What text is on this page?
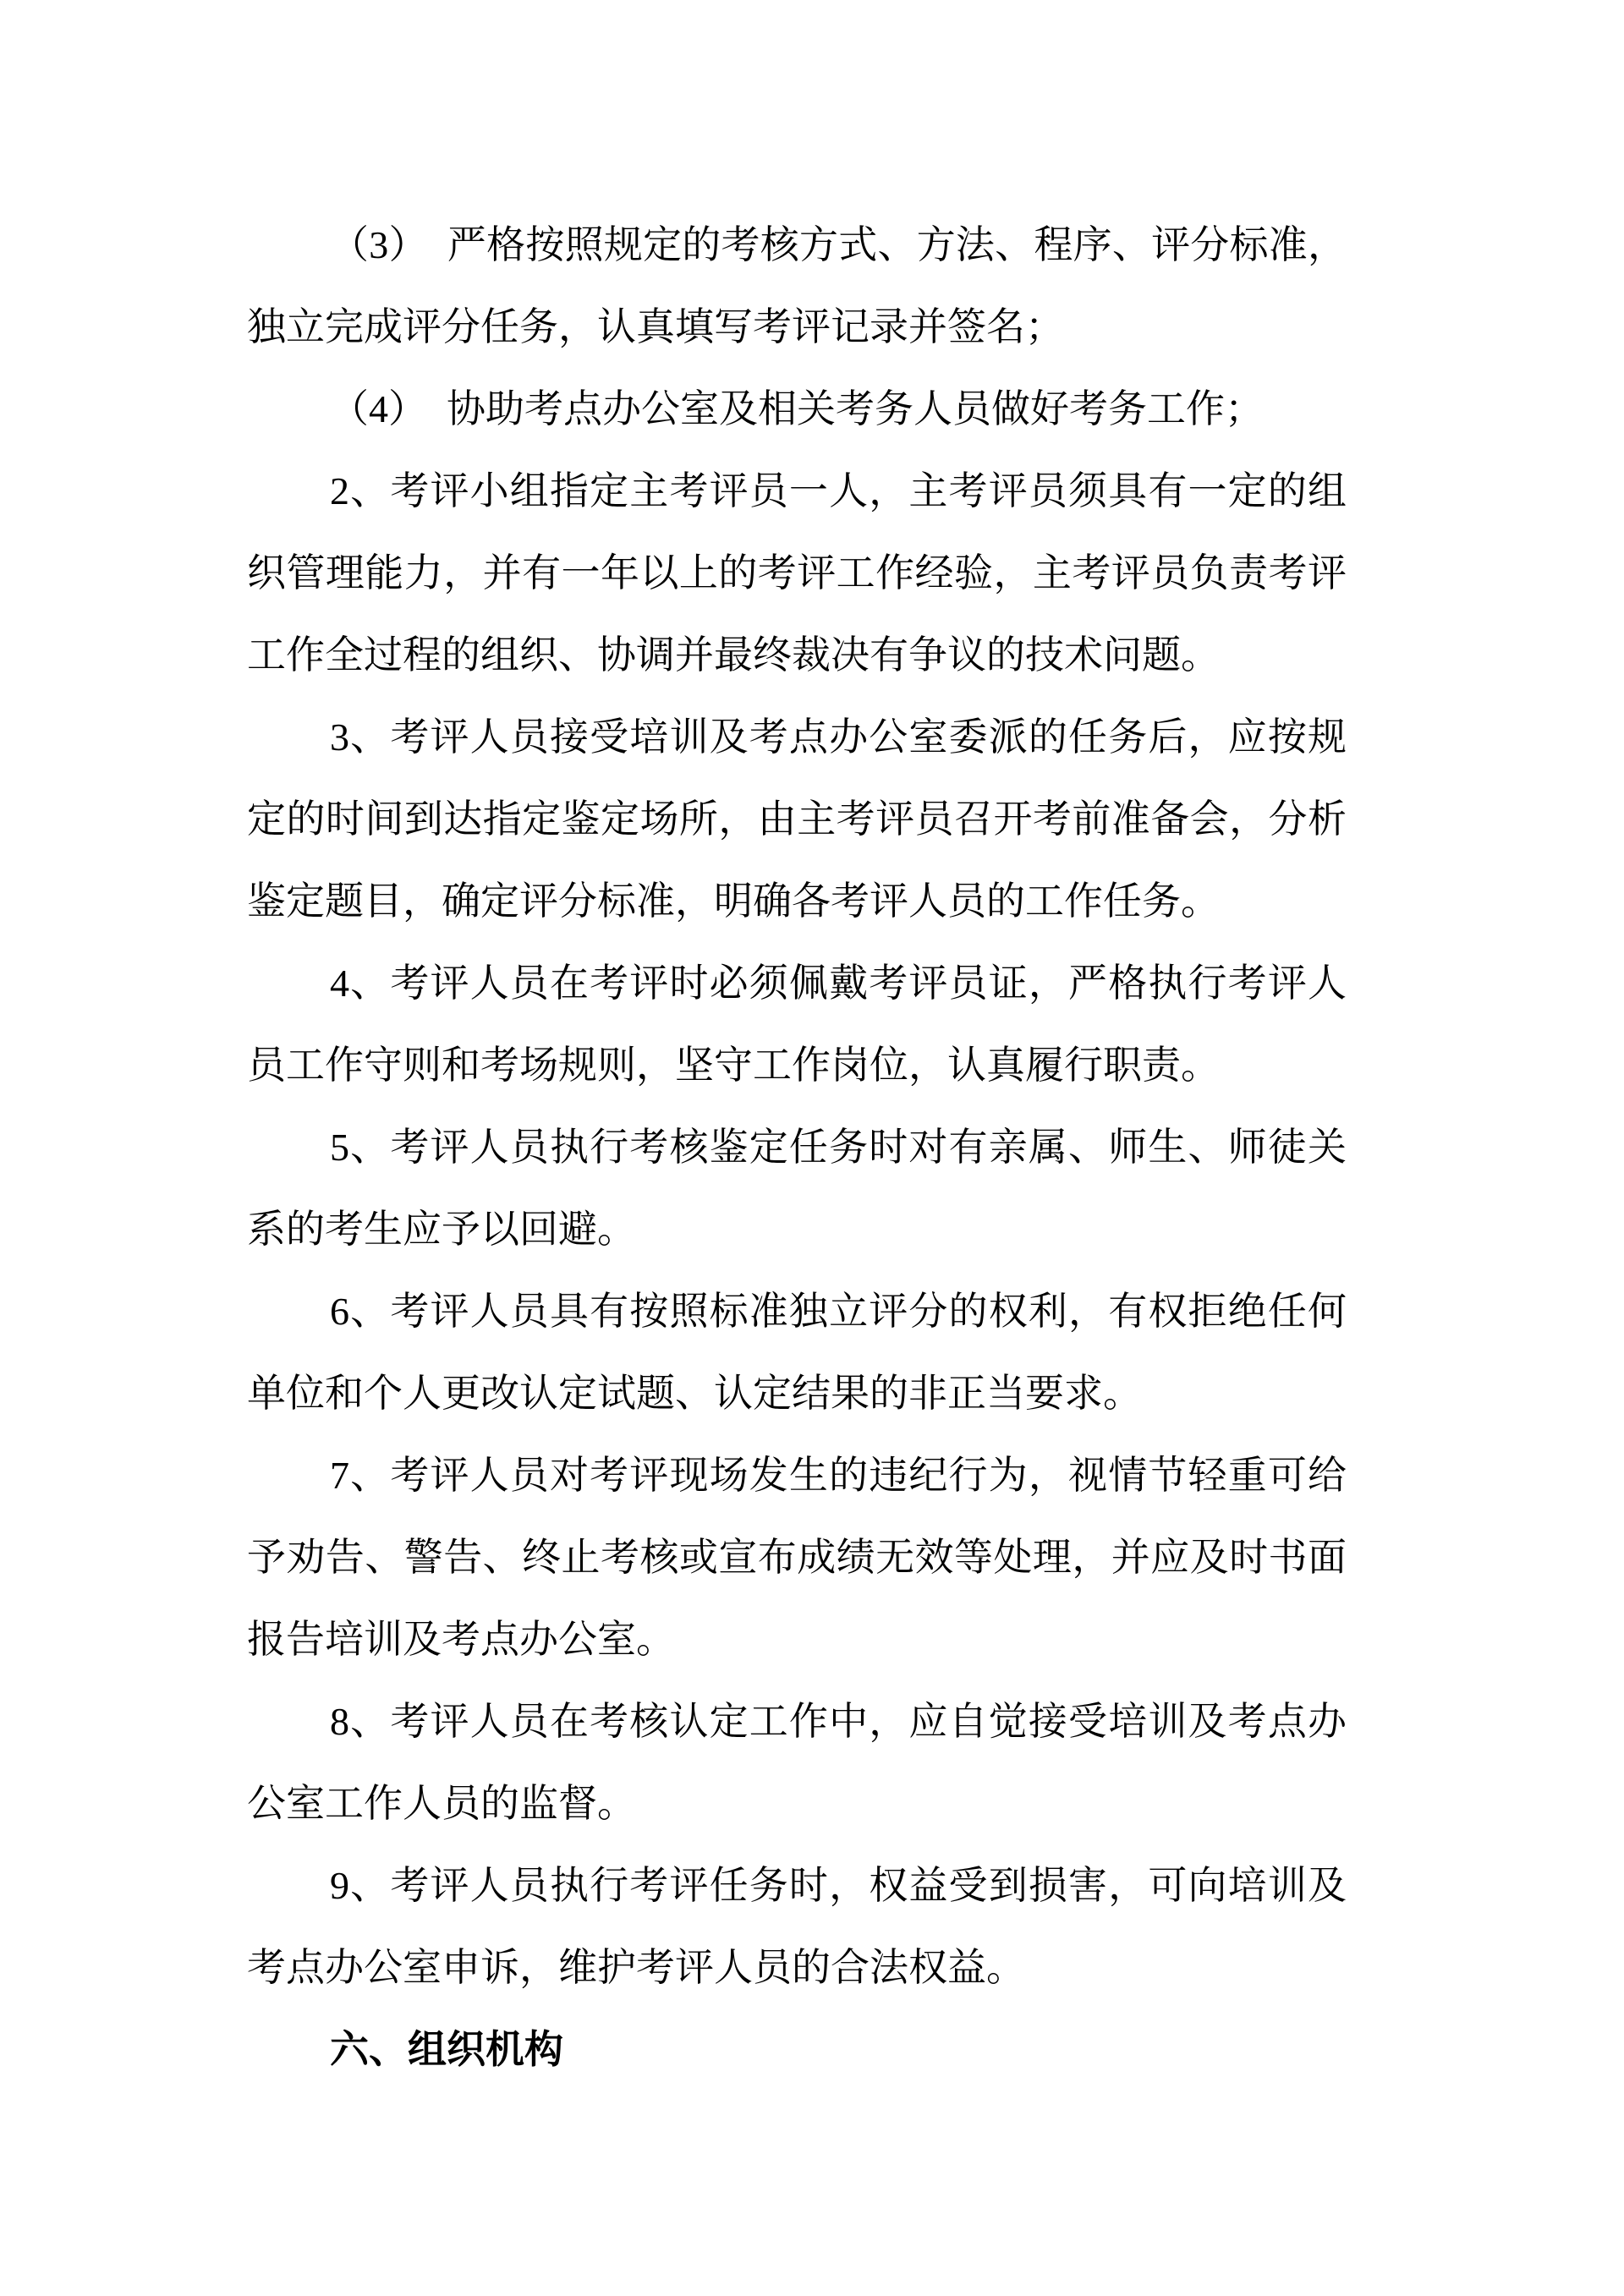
（3） 严格按照规定的考核方式、方法、程序、评分标准，
独立完成评分任务，认真填写考评记录并签名；
（4） 协助考点办公室及相关考务人员做好考务工作；
2、考评小组指定主考评员一人，主考评员须具有一定的组
织管理能力，并有一年以上的考评工作经验，主考评员负责考评
工作全过程的组织、协调并最终裁决有争议的技术问题。
3、考评人员接受培训及考点办公室委派的任务后，应按规
定的时间到达指定鉴定场所，由主考评员召开考前准备会，分析
鉴定题目，确定评分标准，明确各考评人员的工作任务。
4、考评人员在考评时必须佩戴考评员证，严格执行考评人
员工作守则和考场规则，坚守工作岗位，认真履行职责。
5、考评人员执行考核鉴定任务时对有亲属、师生、师徒关
系的考生应予以回避。
6、考评人员具有按照标准独立评分的权利，有权拒绝任何
单位和个人更改认定试题、认定结果的非正当要求。
7、考评人员对考评现场发生的违纪行为，视情节轻重可给
予劝告、警告、终止考核或宣布成绩无效等处理，并应及时书面
报告培训及考点办公室。
8、考评人员在考核认定工作中，应自觉接受培训及考点办
公室工作人员的监督。
9、考评人员执行考评任务时，权益受到损害，可向培训及
考点办公室申诉，维护考评人员的合法权益。
六、组织机构
